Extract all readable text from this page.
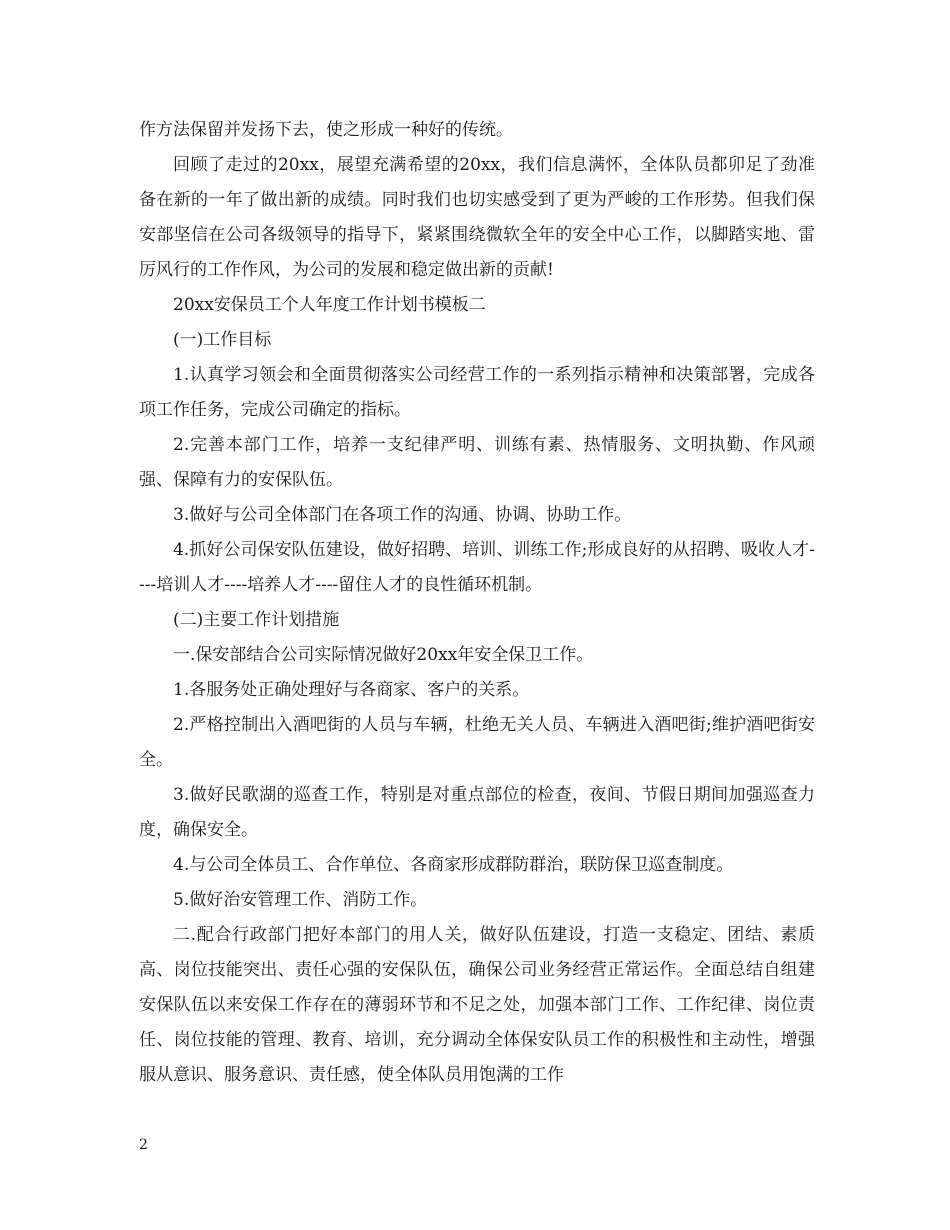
作方法保留并发扬下去，使之形成一种好的传统。

回顾了走过的20xx，展望充满希望的20xx，我们信息满怀，全体队员都卯足了劲准备在新的一年了做出新的成绩。同时我们也切实感受到了更为严峻的工作形势。但我们保安部坚信在公司各级领导的指导下，紧紧围绕微软全年的安全中心工作，以脚踏实地、雷厉风行的工作作风，为公司的发展和稳定做出新的贡献!

20xx安保员工个人年度工作计划书模板二

(一)工作目标

1.认真学习领会和全面贯彻落实公司经营工作的一系列指示精神和决策部署，完成各项工作任务，完成公司确定的指标。

2.完善本部门工作，培养一支纪律严明、训练有素、热情服务、文明执勤、作风顽强、保障有力的安保队伍。

3.做好与公司全体部门在各项工作的沟通、协调、协助工作。

4.抓好公司保安队伍建设，做好招聘、培训、训练工作;形成良好的从招聘、吸收人才----培训人才----培养人才----留住人才的良性循环机制。

(二)主要工作计划措施

一.保安部结合公司实际情况做好20xx年安全保卫工作。

1.各服务处正确处理好与各商家、客户的关系。

2.严格控制出入酒吧街的人员与车辆，杜绝无关人员、车辆进入酒吧街;维护酒吧街安全。

3.做好民歌湖的巡查工作，特别是对重点部位的检查，夜间、节假日期间加强巡查力度，确保安全。

4.与公司全体员工、合作单位、各商家形成群防群治，联防保卫巡查制度。

5.做好治安管理工作、消防工作。

二.配合行政部门把好本部门的用人关，做好队伍建设，打造一支稳定、团结、素质高、岗位技能突出、责任心强的安保队伍，确保公司业务经营正常运作。全面总结自组建安保队伍以来安保工作存在的薄弱环节和不足之处，加强本部门工作、工作纪律、岗位责任、岗位技能的管理、教育、培训，充分调动全体保安队员工作的积极性和主动性，增强服从意识、服务意识、责任感，使全体队员用饱满的工作

2
